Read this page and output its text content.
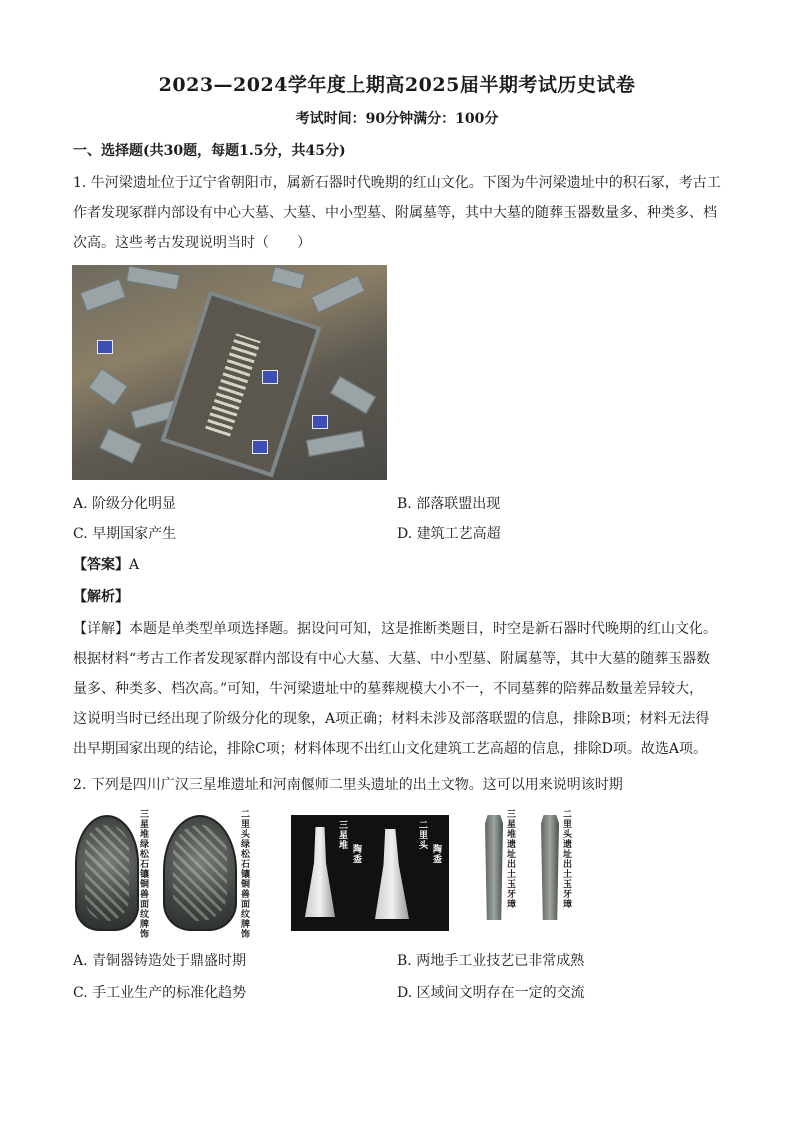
2023—2024学年度上期高2025届半期考试历史试卷
考试时间：90分钟满分：100分
一、选择题(共30题，每题1.5分，共45分)
1. 牛河梁遗址位于辽宁省朝阳市，属新石器时代晚期的红山文化。下图为牛河梁遗址中的积石冢，考古工
作者发现冢群内部设有中心大墓、大墓、中小型墓、附属墓等，其中大墓的随葬玉器数量多、种类多、档
次高。这些考古发现说明当时（　　）
A. 阶级分化明显	B. 部落联盟出现
C. 早期国家产生	D. 建筑工艺高超
【答案】A
【解析】
【详解】本题是单类型单项选择题。据设问可知，这是推断类题目，时空是新石器时代晚期的红山文化。
根据材料“考古工作者发现冢群内部设有中心大墓、大墓、中小型墓、附属墓等，其中大墓的随葬玉器数
量多、种类多、档次高。”可知，牛河梁遗址中的墓葬规模大小不一，不同墓葬的陪葬品数量差异较大，
这说明当时已经出现了阶级分化的现象，A项正确；材料未涉及部落联盟的信息，排除B项；材料无法得
出早期国家出现的结论，排除C项；材料体现不出红山文化建筑工艺高超的信息，排除D项。故选A项。
2. 下列是四川广汉三星堆遗址和河南偃师二里头遗址的出土文物。这可以用来说明该时期
三星堆绿松石镶铜兽面纹牌饰
二里头绿松石镶铜兽面纹牌饰
三星堆 陶盉
二里头 陶盉
三星堆遗址出土玉牙璋
二里头遗址出土玉牙璋
A. 青铜器铸造处于鼎盛时期	B. 两地手工业技艺已非常成熟
C. 手工业生产的标准化趋势	D. 区域间文明存在一定的交流
